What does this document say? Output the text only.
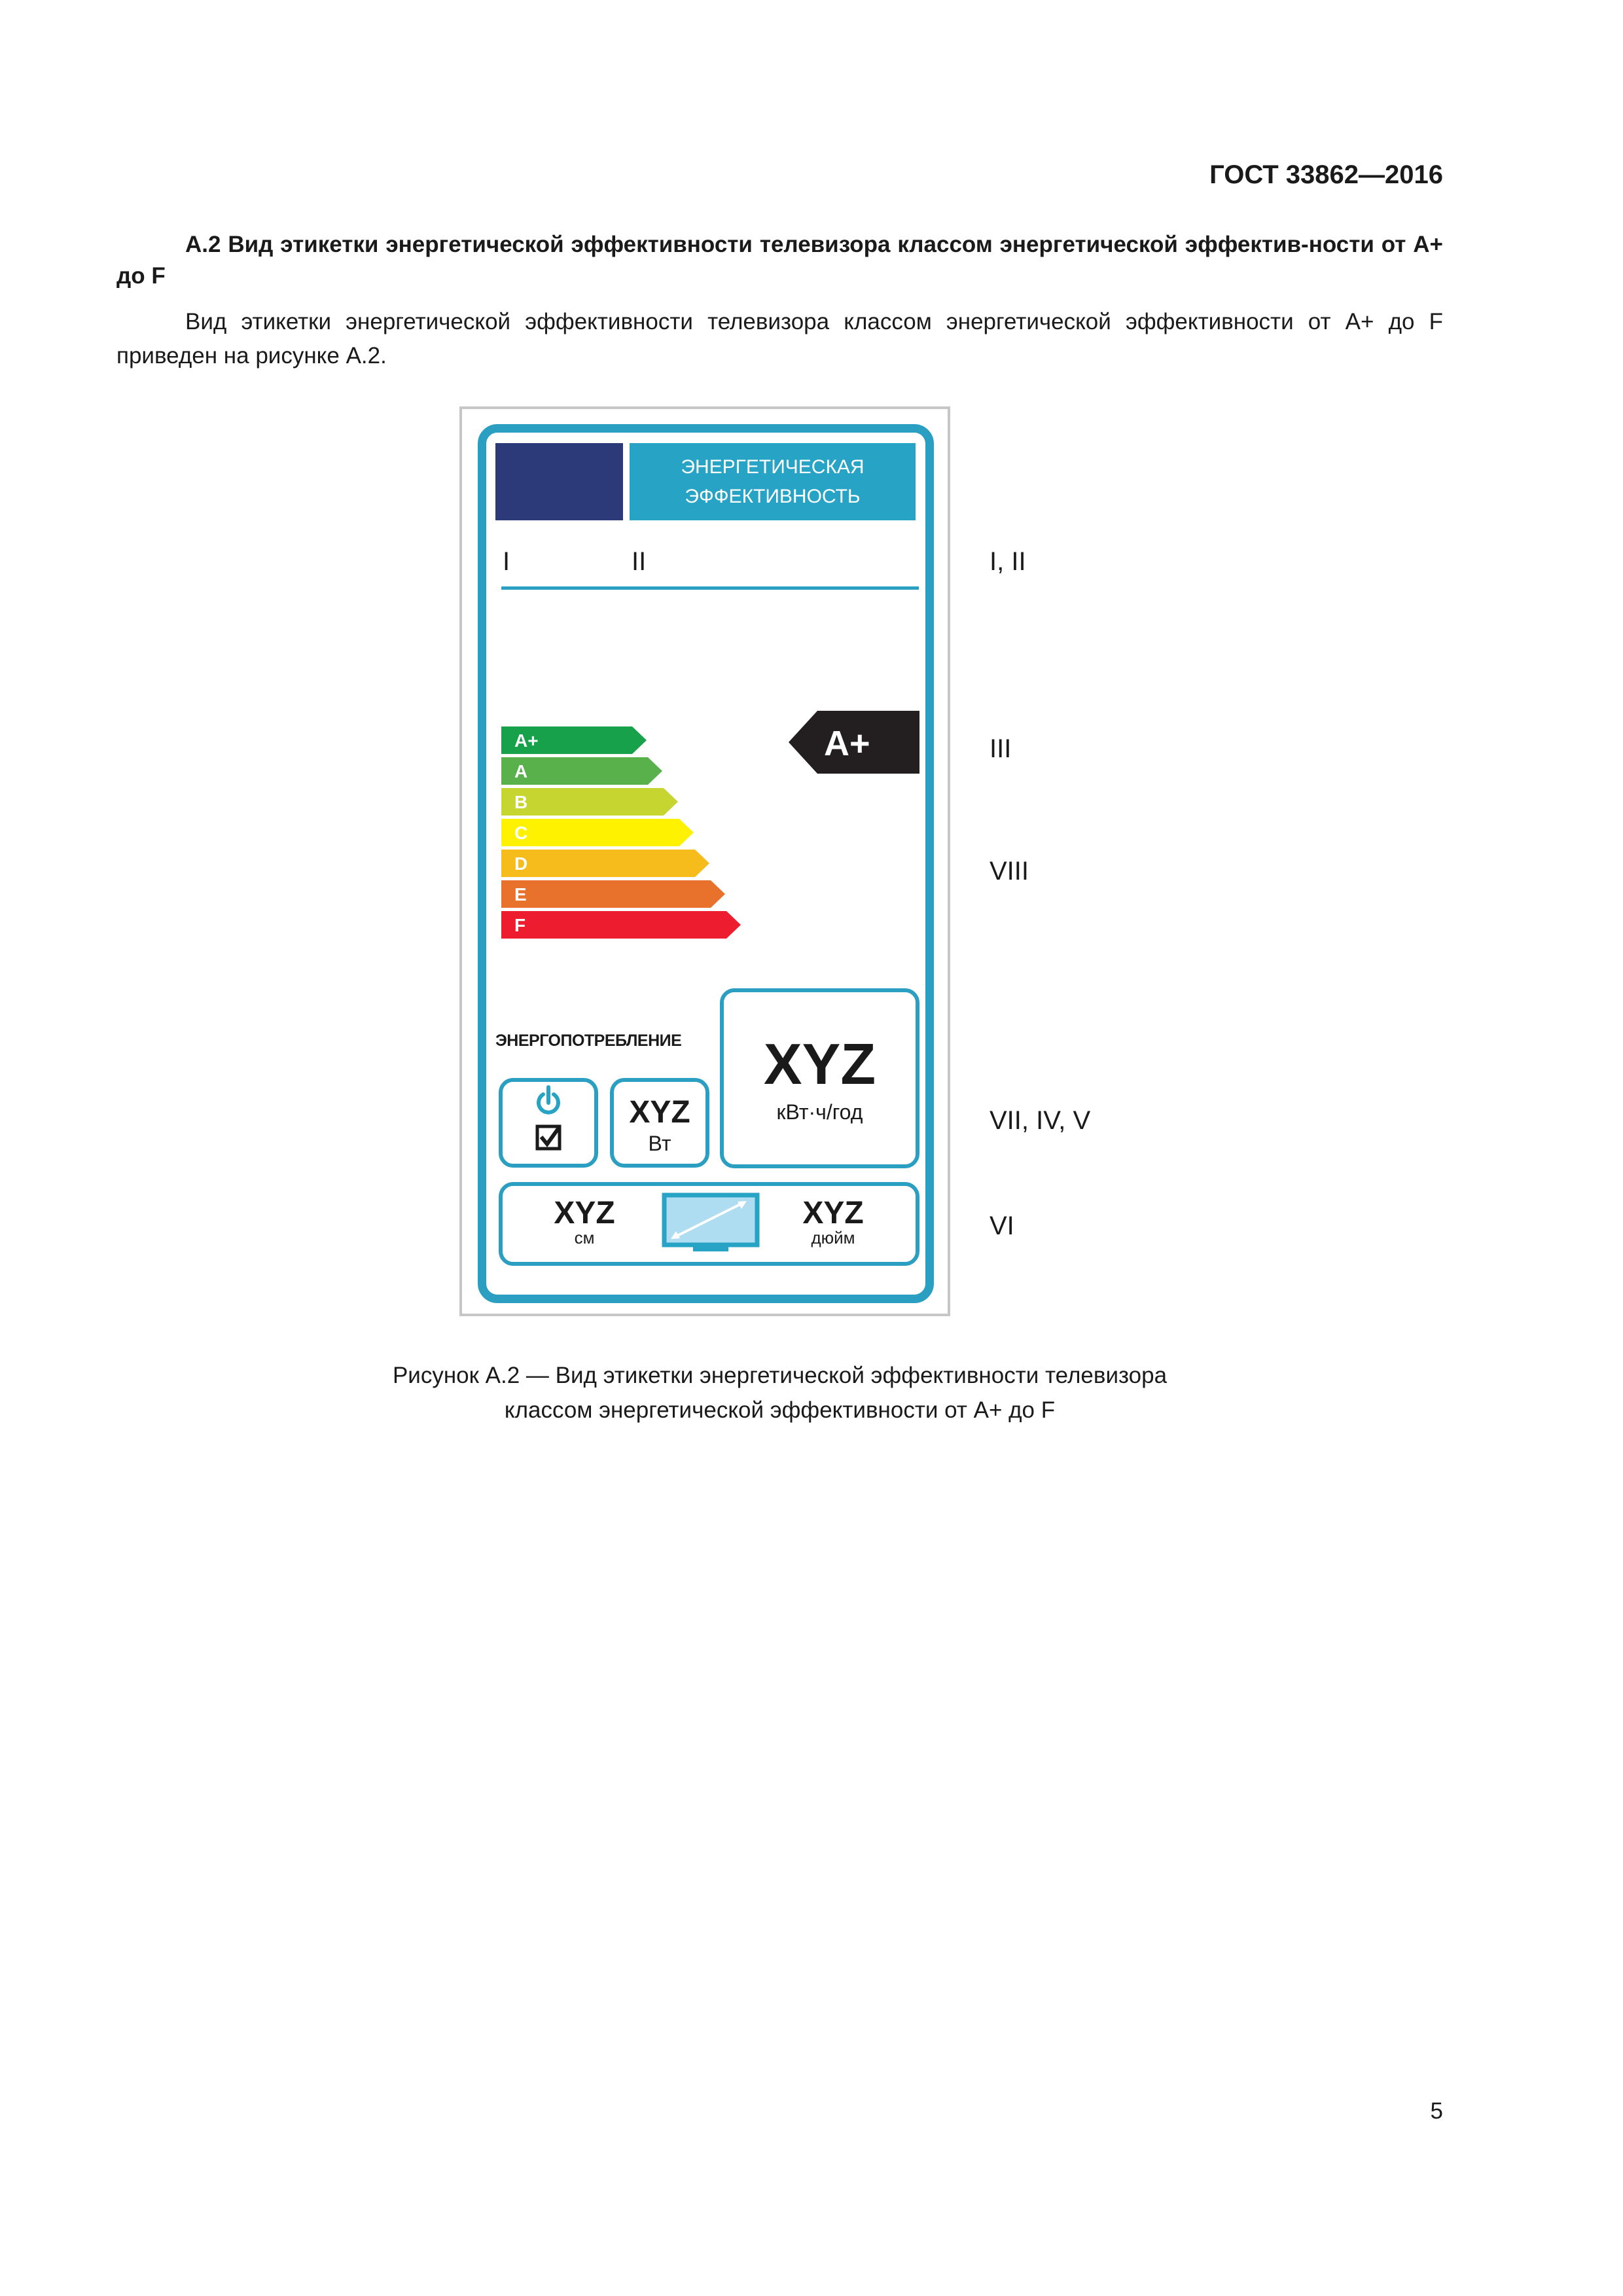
ГОСТ 33862—2016
А.2 Вид этикетки энергетической эффективности телевизора классом энергетической эффектив-ности от A+ до F
Вид этикетки энергетической эффективности телевизора классом энергетической эффективности от А+ до F приведен на рисунке А.2.
ЭНЕРГЕТИЧЕСКАЯ
ЭФФЕКТИВНОСТЬ
I	II
A+
A
B
C
D
E
F
A+
ЭНЕРГОПОТРЕБЛЕНИЕ	XYZ
кВт·ч/год
XYZ
Вт
XYZ
см
XYZ
дюйм
I, II
III
VIII
VII, IV, V
VI
Рисунок А.2 — Вид этикетки энергетической эффективности телевизора
классом энергетической эффективности от А+ до F
5
